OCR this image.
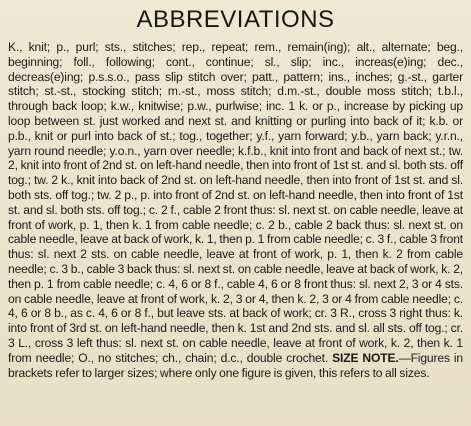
ABBREVIATIONS

K., knit; p., purl; sts., stitches; rep., repeat; rem., remain(ing); alt., alternate; beg., beginning; foll., following; cont., continue; sl., slip; inc., increas(e)ing; dec., decreas(e)ing; p.s.s.o., pass slip stitch over; patt., pattern; ins., inches; g.-st., garter stitch; st.-st., stocking stitch; m.-st., moss stitch; d.m.-st., double moss stitch; t.b.l., through back loop; k.w., knitwise; p.w., purlwise; inc. 1 k. or p., increase by picking up loop between st. just worked and next st. and knitting or purling into back of it; k.b. or p.b., knit or purl into back of st.; tog., together; y.f., yarn forward; y.b., yarn back; y.r.n., yarn round needle; y.o.n., yarn over needle; k.f.b., knit into front and back of next st.; tw. 2, knit into front of 2nd st. on left-hand needle, then into front of 1st st. and sl. both sts. off tog.; tw. 2 k., knit into back of 2nd st. on left-hand needle, then into front of 1st st. and sl. both sts. off tog.; tw. 2 p., p. into front of 2nd st. on left-hand needle, then into front of 1st st. and sl. both sts. off tog.; c. 2 f., cable 2 front thus: sl. next st. on cable needle, leave at front of work, p. 1, then k. 1 from cable needle; c. 2 b., cable 2 back thus: sl. next st. on cable needle, leave at back of work, k. 1, then p. 1 from cable needle; c. 3 f., cable 3 front thus: sl. next 2 sts. on cable needle, leave at front of work, p. 1, then k. 2 from cable needle; c. 3 b., cable 3 back thus: sl. next st. on cable needle, leave at back of work, k. 2, then p. 1 from cable needle; c. 4, 6 or 8 f., cable 4, 6 or 8 front thus: sl. next 2, 3 or 4 sts. on cable needle, leave at front of work, k. 2, 3 or 4, then k. 2, 3 or 4 from cable needle; c. 4, 6 or 8 b., as c. 4, 6 or 8 f., but leave sts. at back of work; cr. 3 R., cross 3 right thus: k. into front of 3rd st. on left-hand needle, then k. 1st and 2nd sts. and sl. all sts. off tog.; cr. 3 L., cross 3 left thus: sl. next st. on cable needle, leave at front of work, k. 2, then k. 1 from needle; O., no stitches; ch., chain; d.c., double crochet. SIZE NOTE.—Figures in brackets refer to larger sizes; where only one figure is given, this refers to all sizes.
